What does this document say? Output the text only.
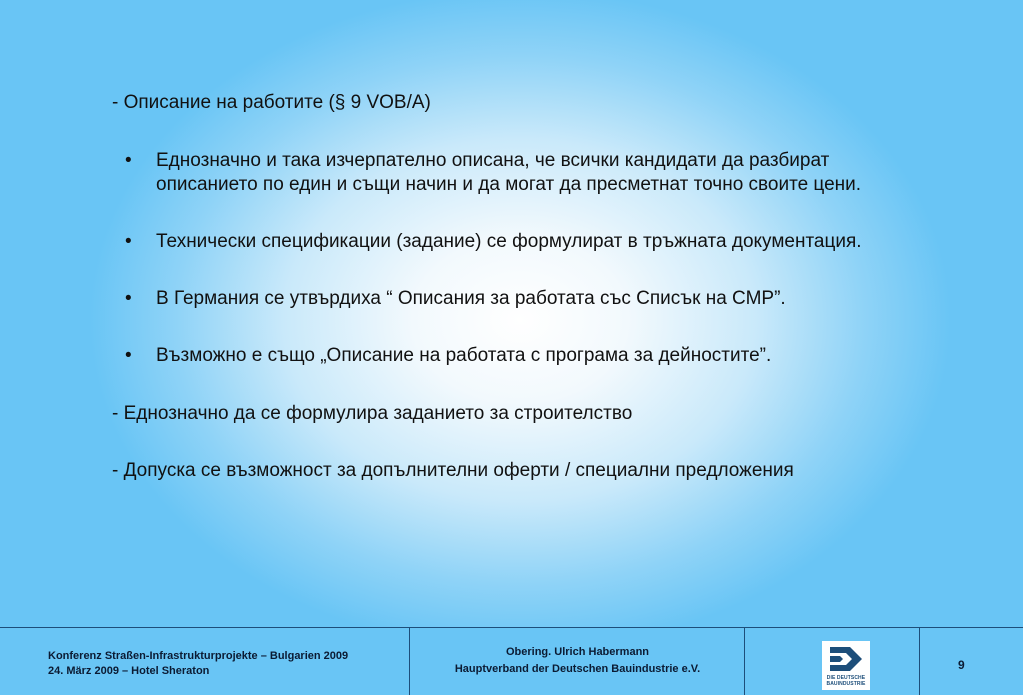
- Описание на работите (§ 9 VOB/A)
•	Еднозначно и така изчерпателно описана, че всички кандидати да разбират
описанието по един и същи начин и да могат да пресметнат точно своите цени.
•	Технически спецификации (задание) се формулират в тръжната документация.
•	В Германия се утвърдиха “ Описания за работата със Списък на СМР”.
•	Възможно е също „Описание на работата с програма за дейностите”.
- Еднозначно да се формулира заданието за строителство
- Допуска се възможност за допълнителни оферти / специални предложения
Konferenz Straßen-Infrastrukturprojekte – Bulgarien 2009
24. März 2009 – Hotel Sheraton
Obering. Ulrich Habermann
Hauptverband der Deutschen Bauindustrie e.V.
DIE DEUTSCHE
BAUINDUSTRIE
9
